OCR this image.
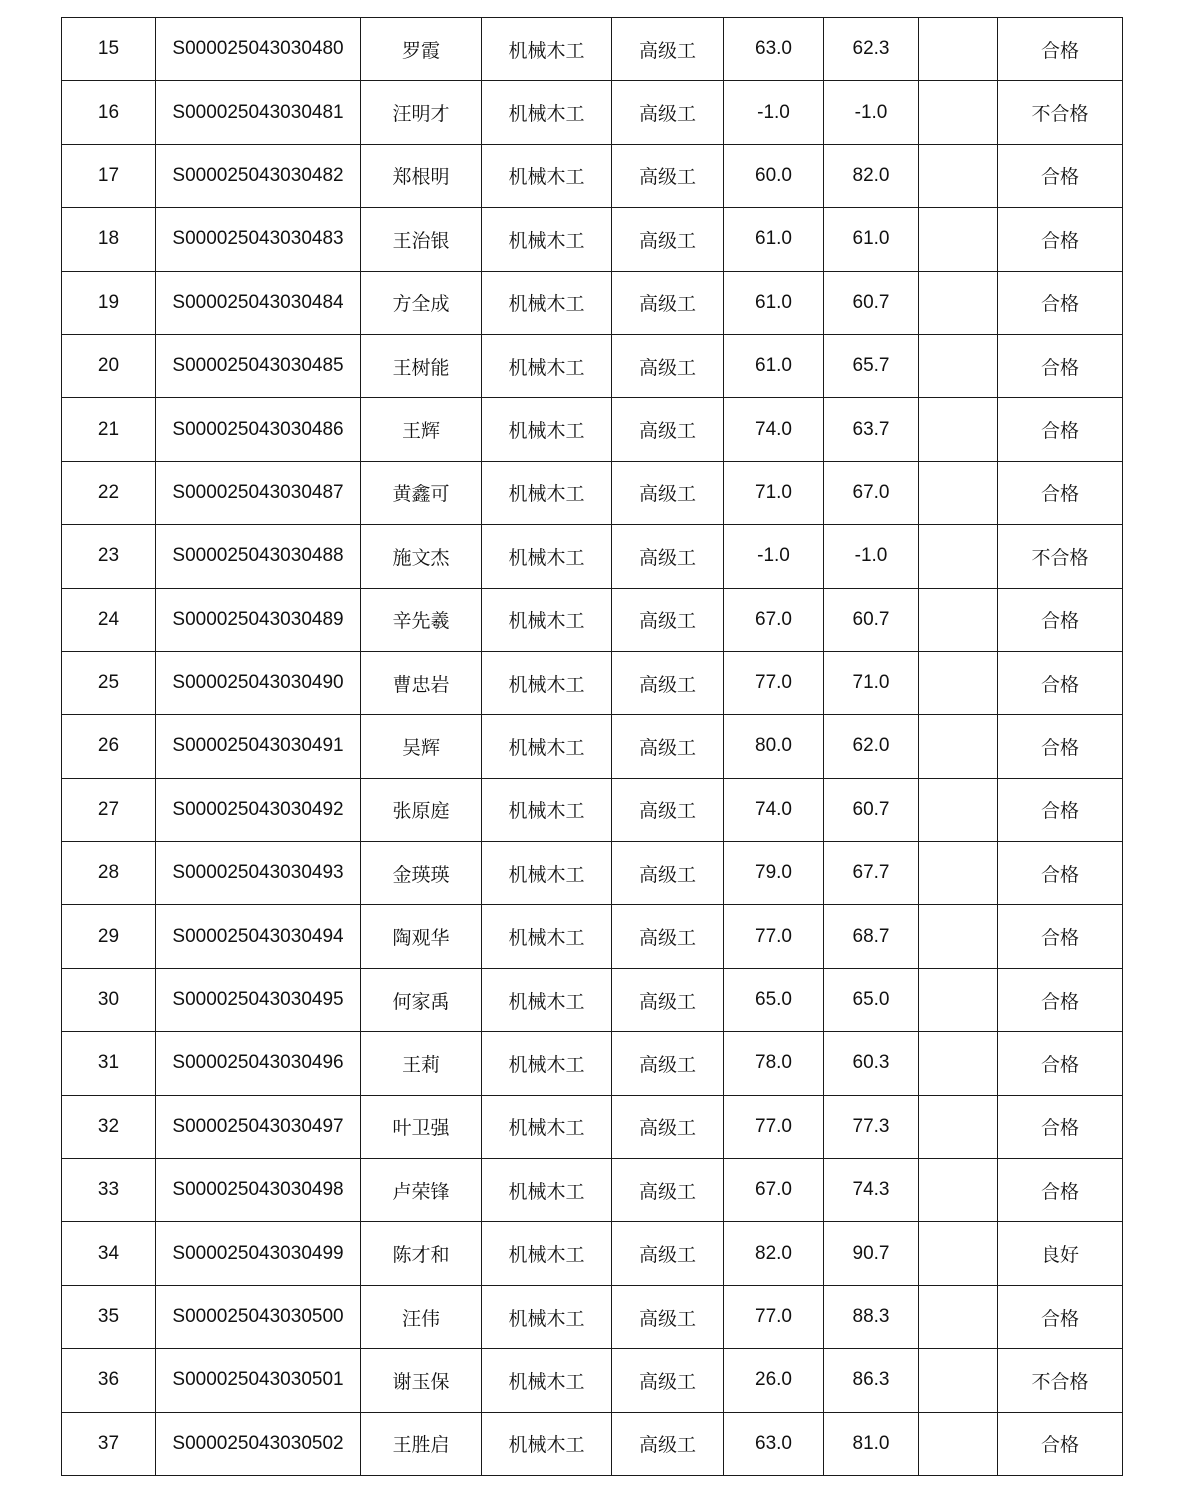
15	S000025043030480	罗霞	机械木工	高级工	63.0	62.3		合格
16	S000025043030481	汪明才	机械木工	高级工	-1.0	-1.0		不合格
17	S000025043030482	郑根明	机械木工	高级工	60.0	82.0		合格
18	S000025043030483	王治银	机械木工	高级工	61.0	61.0		合格
19	S000025043030484	方全成	机械木工	高级工	61.0	60.7		合格
20	S000025043030485	王树能	机械木工	高级工	61.0	65.7		合格
21	S000025043030486	王辉	机械木工	高级工	74.0	63.7		合格
22	S000025043030487	黄鑫可	机械木工	高级工	71.0	67.0		合格
23	S000025043030488	施文杰	机械木工	高级工	-1.0	-1.0		不合格
24	S000025043030489	辛先羲	机械木工	高级工	67.0	60.7		合格
25	S000025043030490	曹忠岩	机械木工	高级工	77.0	71.0		合格
26	S000025043030491	吴辉	机械木工	高级工	80.0	62.0		合格
27	S000025043030492	张原庭	机械木工	高级工	74.0	60.7		合格
28	S000025043030493	金瑛瑛	机械木工	高级工	79.0	67.7		合格
29	S000025043030494	陶观华	机械木工	高级工	77.0	68.7		合格
30	S000025043030495	何家禹	机械木工	高级工	65.0	65.0		合格
31	S000025043030496	王莉	机械木工	高级工	78.0	60.3		合格
32	S000025043030497	叶卫强	机械木工	高级工	77.0	77.3		合格
33	S000025043030498	卢荣锋	机械木工	高级工	67.0	74.3		合格
34	S000025043030499	陈才和	机械木工	高级工	82.0	90.7		良好
35	S000025043030500	汪伟	机械木工	高级工	77.0	88.3		合格
36	S000025043030501	谢玉保	机械木工	高级工	26.0	86.3		不合格
37	S000025043030502	王胜启	机械木工	高级工	63.0	81.0		合格
